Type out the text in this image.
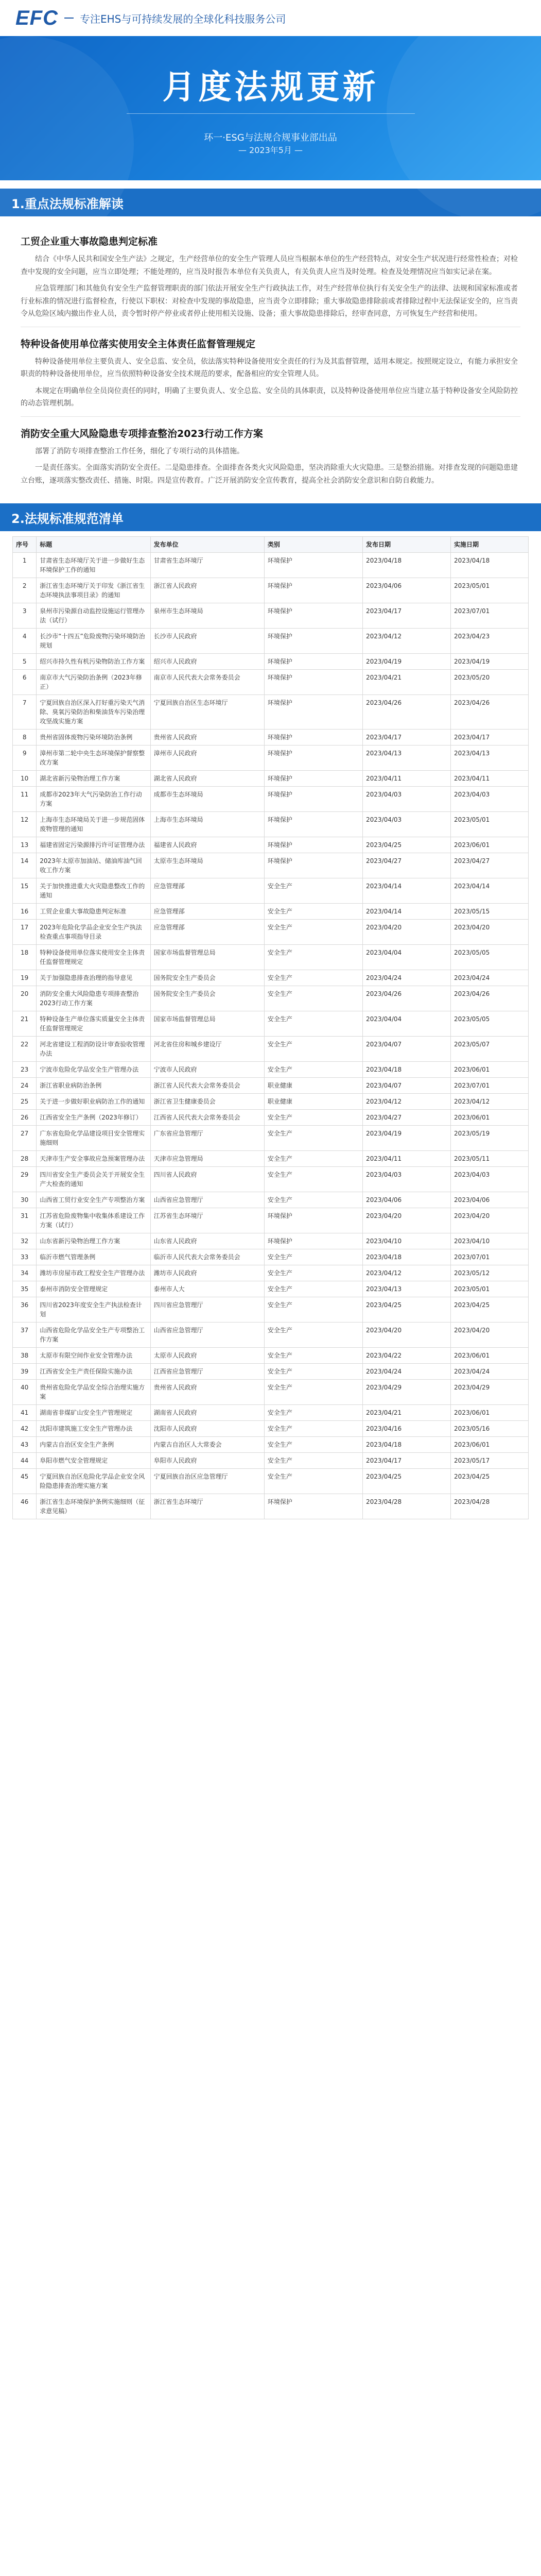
EFC 专注EHS与可持续发展的全球化科技服务公司
月度法规更新
环一·ESG与法规合规事业部出品
— 2023年5月 —
1.重点法规标准解读
工贸企业重大事故隐患判定标准

结合《中华人民共和国安全生产法》之规定，生产经营单位的安全生产管理人员应当根据本单位的生产经营特点，对安全生产状况进行经常性检查；对检查中发现的安全问题，应当立即处理；不能处理的，应当及时报告本单位有关负责人，有关负责人应当及时处理。检查及处理情况应当如实记录在案。

应急管理部门和其他负有安全生产监督管理职责的部门依法开展安全生产行政执法工作，对生产经营单位执行有关安全生产的法律、法规和国家标准或者行业标准的情况进行监督检查，行使以下职权：对检查中发现的事故隐患，应当责令立即排除；重大事故隐患排除前或者排除过程中无法保证安全的，应当责令从危险区域内撤出作业人员，责令暂时停产停业或者停止使用相关设施、设备；重大事故隐患排除后，经审查同意，方可恢复生产经营和使用。

特种设备使用单位落实使用安全主体责任监督管理规定

特种设备使用单位主要负责人、安全总监、安全员，依法落实特种设备使用安全责任的行为及其监督管理，适用本规定。按照规定设立，有能力承担安全职责的特种设备使用单位，应当依照特种设备安全技术规范的要求，配备相应的安全管理人员。

本规定在明确单位全员岗位责任的同时，明确了主要负责人、安全总监、安全员的具体职责，以及特种设备使用单位应当建立基于特种设备安全风险防控的动态管理机制。

消防安全重大风险隐患专项排查整治2023行动工作方案

部署了消防专项排查整治工作任务，细化了专项行动的具体措施。

一是责任落实。全面落实消防安全责任。二是隐患排查。全面排查各类火灾风险隐患，坚决消除重大火灾隐患。三是整治措施。对排查发现的问题隐患建立台账，逐项落实整改责任、措施、时限。四是宣传教育。广泛开展消防安全宣传教育，提高全社会消防安全意识和自防自救能力。

2.法规标准规范清单
序号	标题	发布单位	类别	发布日期	实施日期
1	甘肃省生态环境厅关于进一步做好生态环境保护工作的通知	甘肃省生态环境厅	环境保护	2023/04/18	2023/04/18
2	浙江省生态环境厅关于印发《浙江省生态环境执法事项目录》的通知	浙江省人民政府	环境保护	2023/04/06	2023/05/01
3	泉州市污染源自动监控设施运行管理办法（试行）	泉州市生态环境局	环境保护	2023/04/17	2023/07/01
4	长沙市“十四五”危险废物污染环境防治规划	长沙市人民政府	环境保护	2023/04/12	2023/04/23
5	绍兴市持久性有机污染物防治工作方案	绍兴市人民政府	环境保护	2023/04/19	2023/04/19
6	南京市大气污染防治条例（2023年修正）	南京市人民代表大会常务委员会	环境保护	2023/04/21	2023/05/20
7	宁夏回族自治区深入打好重污染天气消除、臭氧污染防治和柴油货车污染治理攻坚战实施方案	宁夏回族自治区生态环境厅	环境保护	2023/04/26	2023/04/26
8	贵州省固体废物污染环境防治条例	贵州省人民政府	环境保护	2023/04/17	2023/04/17
9	漳州市第二轮中央生态环境保护督察整改方案	漳州市人民政府	环境保护	2023/04/13	2023/04/13
10	湖北省新污染物治理工作方案	湖北省人民政府	环境保护	2023/04/11	2023/04/11
11	成都市2023年大气污染防治工作行动方案	成都市生态环境局	环境保护	2023/04/03	2023/04/03
12	上海市生态环境局关于进一步规范固体废物管理的通知	上海市生态环境局	环境保护	2023/04/03	2023/05/01
13	福建省固定污染源排污许可证管理办法	福建省人民政府	环境保护	2023/04/25	2023/06/01
14	2023年太原市加油站、储油库油气回收工作方案	太原市生态环境局	环境保护	2023/04/27	2023/04/27
15	关于加快推进重大火灾隐患整改工作的通知	应急管理部	安全生产	2023/04/14	2023/04/14
16	工贸企业重大事故隐患判定标准	应急管理部	安全生产	2023/04/14	2023/05/15
17	2023年危险化学品企业安全生产执法检查重点事项指导目录	应急管理部	安全生产	2023/04/20	2023/04/20
18	特种设备使用单位落实使用安全主体责任监督管理规定	国家市场监督管理总局	安全生产	2023/04/04	2023/05/05
19	关于加强隐患排查治理的指导意见	国务院安全生产委员会	安全生产	2023/04/24	2023/04/24
20	消防安全重大风险隐患专项排查整治2023行动工作方案	国务院安全生产委员会	安全生产	2023/04/26	2023/04/26
21	特种设备生产单位落实质量安全主体责任监督管理规定	国家市场监督管理总局	安全生产	2023/04/04	2023/05/05
22	河北省建设工程消防设计审查验收管理办法	河北省住房和城乡建设厅	安全生产	2023/04/07	2023/05/07
23	宁波市危险化学品安全生产管理办法	宁波市人民政府	安全生产	2023/04/18	2023/06/01
24	浙江省职业病防治条例	浙江省人民代表大会常务委员会	职业健康	2023/04/07	2023/07/01
25	关于进一步做好职业病防治工作的通知	浙江省卫生健康委员会	职业健康	2023/04/12	2023/04/12
26	江西省安全生产条例（2023年修订）	江西省人民代表大会常务委员会	安全生产	2023/04/27	2023/06/01
27	广东省危险化学品建设项目安全管理实施细则	广东省应急管理厅	安全生产	2023/04/19	2023/05/19
28	天津市生产安全事故应急预案管理办法	天津市应急管理局	安全生产	2023/04/11	2023/05/11
29	四川省安全生产委员会关于开展安全生产大检查的通知	四川省人民政府	安全生产	2023/04/03	2023/04/03
30	山西省工贸行业安全生产专项整治方案	山西省应急管理厅	安全生产	2023/04/06	2023/04/06
31	江苏省危险废物集中收集体系建设工作方案（试行）	江苏省生态环境厅	环境保护	2023/04/20	2023/04/20
32	山东省新污染物治理工作方案	山东省人民政府	环境保护	2023/04/10	2023/04/10
33	临沂市燃气管理条例	临沂市人民代表大会常务委员会	安全生产	2023/04/18	2023/07/01
34	潍坊市房屋市政工程安全生产管理办法	潍坊市人民政府	安全生产	2023/04/12	2023/05/12
35	泰州市消防安全管理规定	泰州市人大	安全生产	2023/04/13	2023/05/01
36	四川省2023年度安全生产执法检查计划	四川省应急管理厅	安全生产	2023/04/25	2023/04/25
37	山西省危险化学品安全生产专项整治工作方案	山西省应急管理厅	安全生产	2023/04/20	2023/04/20
38	太原市有限空间作业安全管理办法	太原市人民政府	安全生产	2023/04/22	2023/06/01
39	江西省安全生产责任保险实施办法	江西省应急管理厅	安全生产	2023/04/24	2023/04/24
40	贵州省危险化学品安全综合治理实施方案	贵州省人民政府	安全生产	2023/04/29	2023/04/29
41	湖南省非煤矿山安全生产管理规定	湖南省人民政府	安全生产	2023/04/21	2023/06/01
42	沈阳市建筑施工安全生产管理办法	沈阳市人民政府	安全生产	2023/04/16	2023/05/16
43	内蒙古自治区安全生产条例	内蒙古自治区人大常委会	安全生产	2023/04/18	2023/06/01
44	阜阳市燃气安全管理规定	阜阳市人民政府	安全生产	2023/04/17	2023/05/17
45	宁夏回族自治区危险化学品企业安全风险隐患排查治理实施方案	宁夏回族自治区应急管理厅	安全生产	2023/04/25	2023/04/25
46	浙江省生态环境保护条例实施细则（征求意见稿）	浙江省生态环境厅	环境保护	2023/04/28	2023/04/28
